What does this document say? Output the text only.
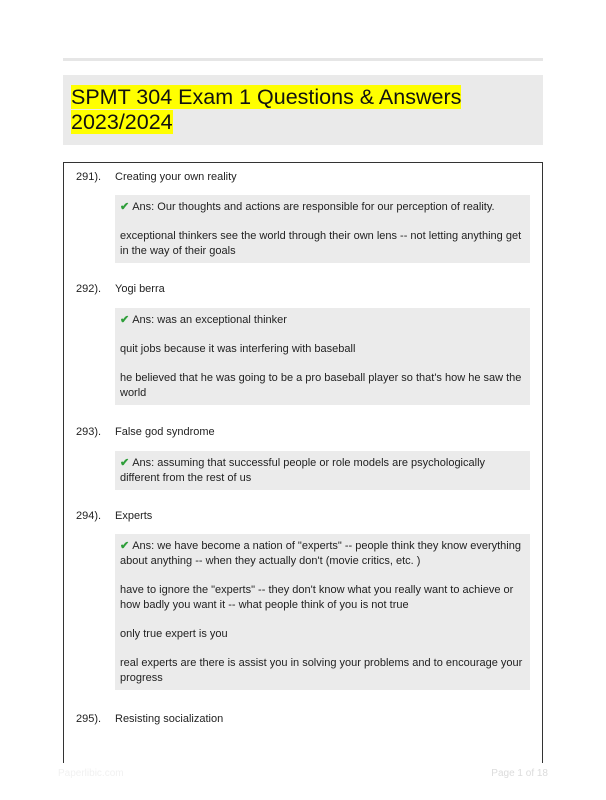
SPMT 304 Exam 1 Questions & Answers 2023/2024
291). Creating your own reality

✔ Ans: Our thoughts and actions are responsible for our perception of reality.

exceptional thinkers see the world through their own lens -- not letting anything get in the way of their goals

292). Yogi berra

✔ Ans: was an exceptional thinker

quit jobs because it was interfering with baseball

he believed that he was going to be a pro baseball player so that's how he saw the world

293). False god syndrome

✔ Ans: assuming that successful people or role models are psychologically different from the rest of us

294). Experts

✔ Ans: we have become a nation of "experts" -- people think they know everything about anything -- when they actually don't (movie critics, etc. )

have to ignore the "experts" -- they don't know what you really want to achieve or how badly you want it -- what people think of you is not true

only true expert is you

real experts are there is assist you in solving your problems and to encourage your progress

295). Resisting socialization
Paperlibic.com	Page 1 of 18
